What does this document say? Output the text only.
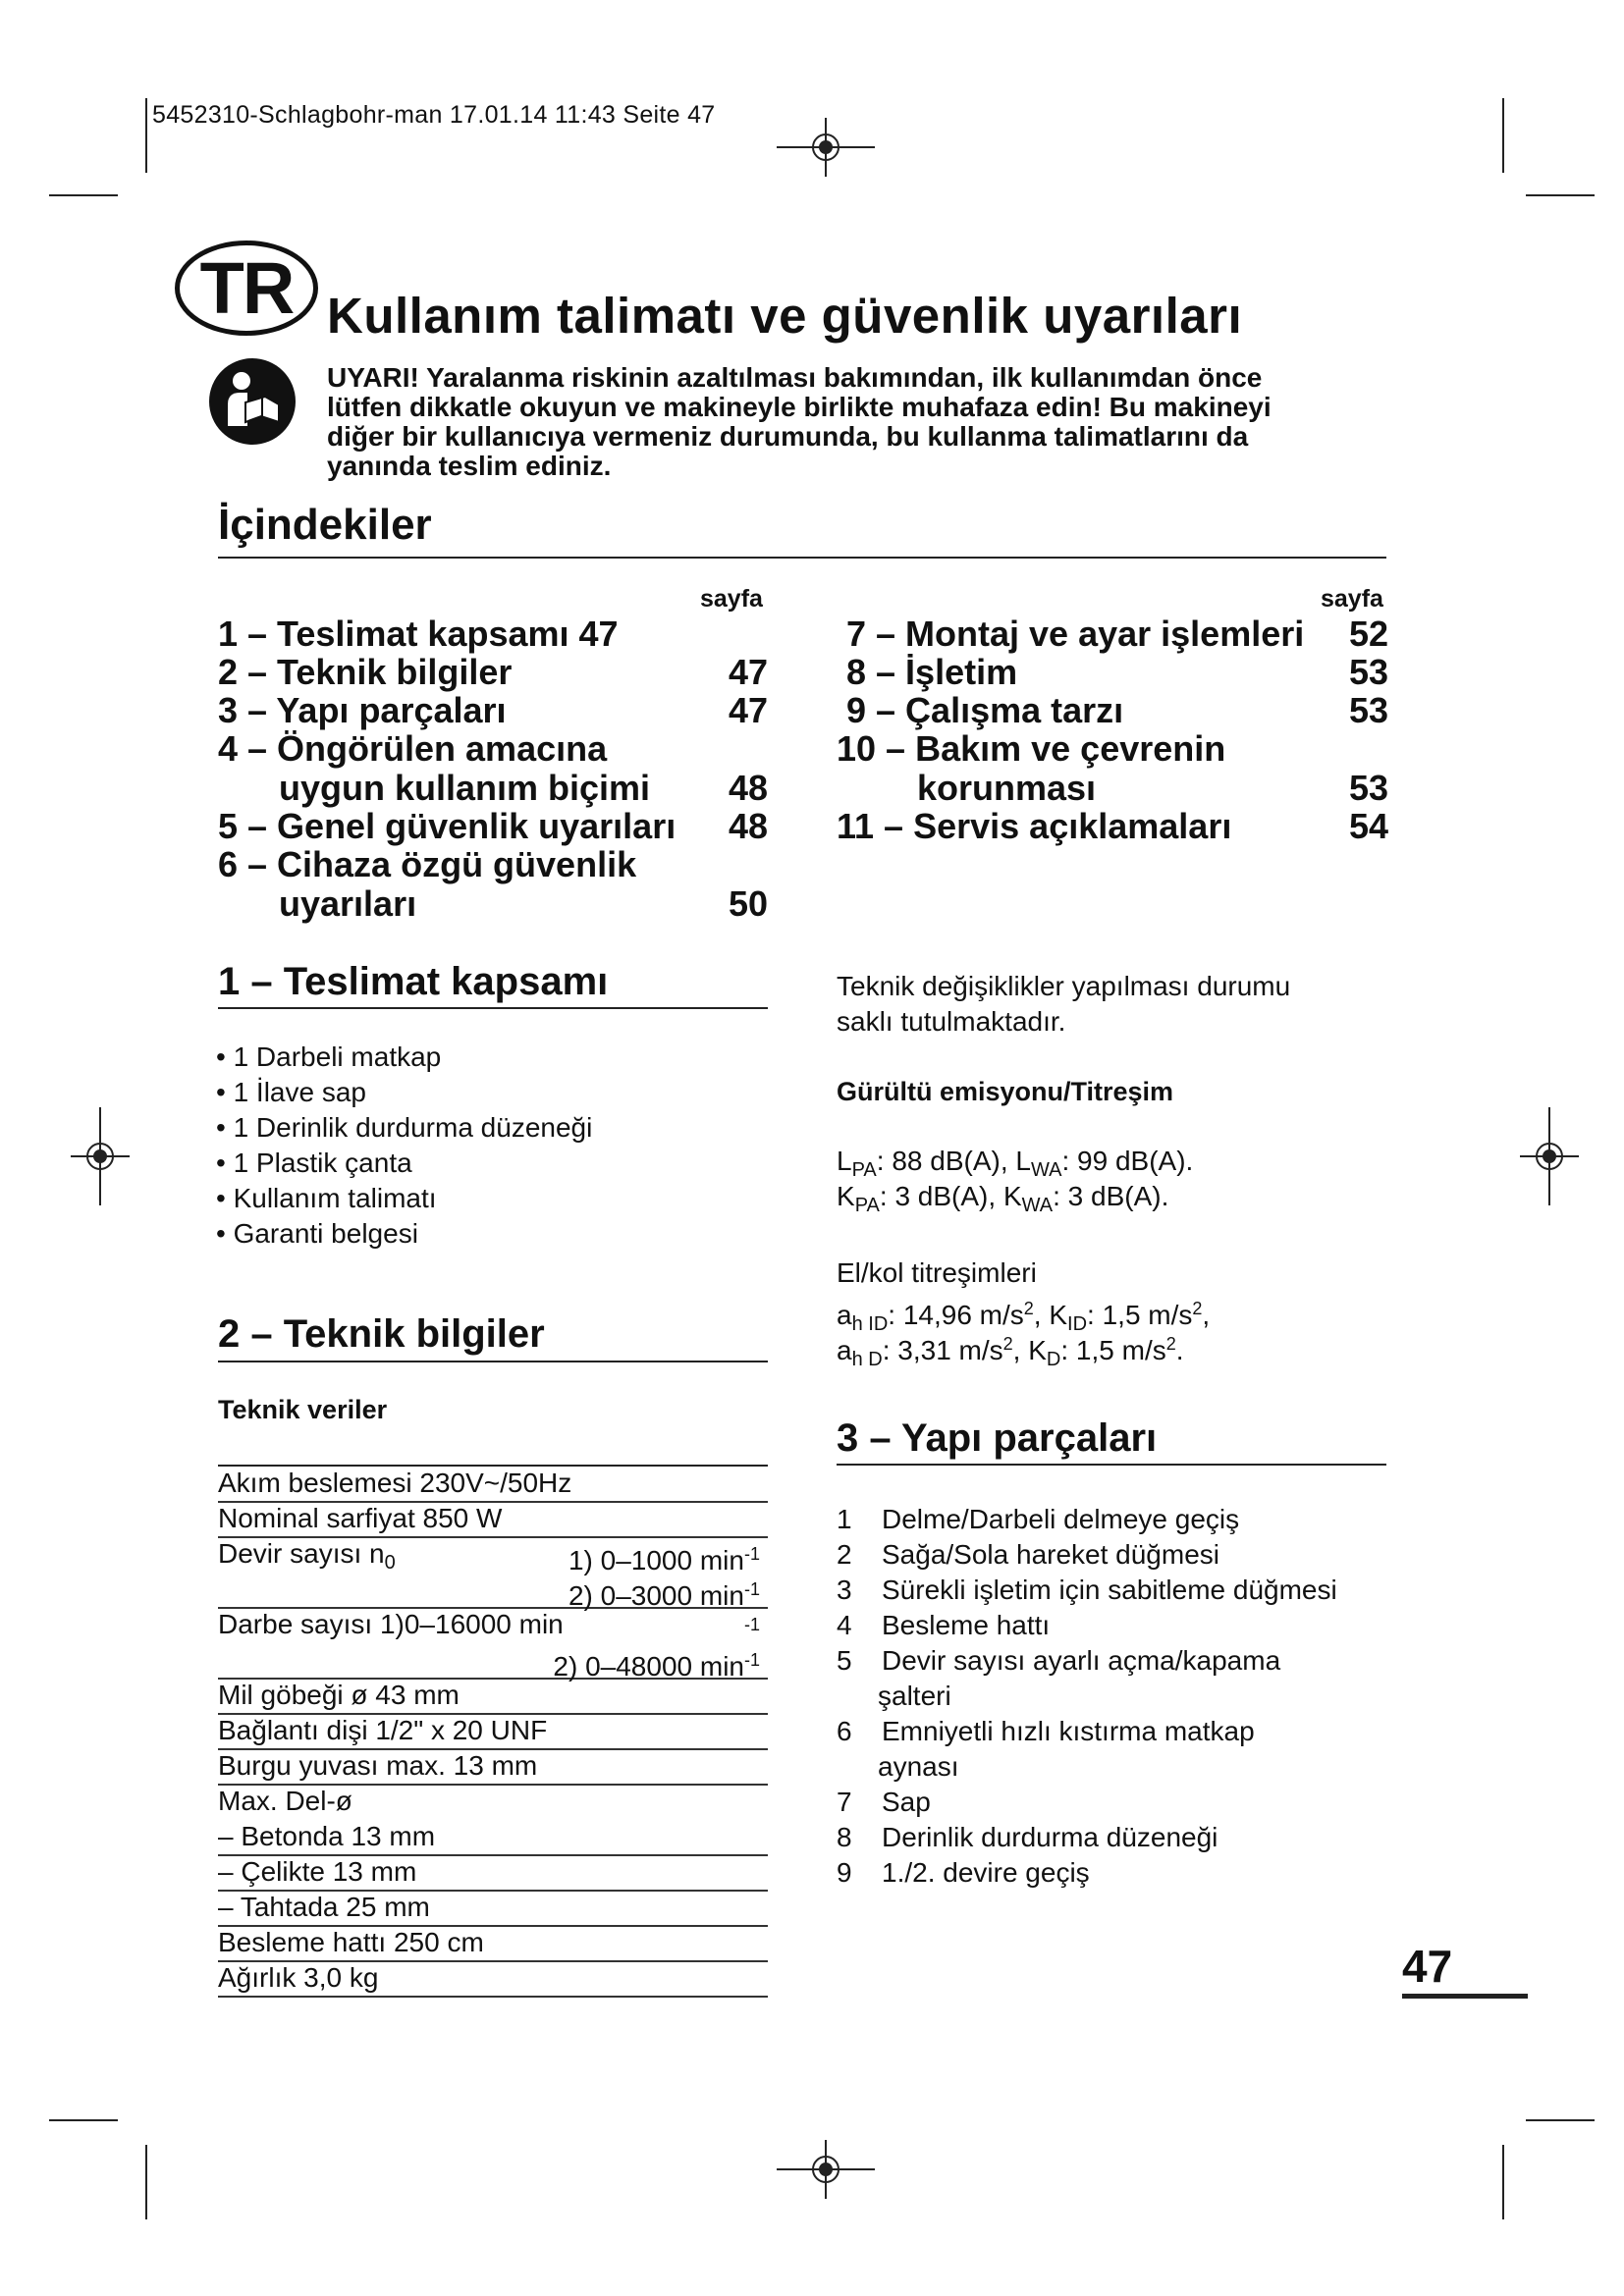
5452310-Schlagbohr-man 17.01.14 11:43 Seite 47
TR Kullanım talimatı ve güvenlik uyarıları
UYARI! Yaralanma riskinin azaltılması bakımından, ilk kullanımdan önce lütfen dikkatle okuyun ve makineyle birlikte muhafaza edin! Bu makineyi diğer bir kullanıcıya vermeniz durumunda, bu kullanma talimatlarını da yanında teslim ediniz.
İçindekiler
sayfa	sayfa
1 – Teslimat kapsamı 47
2 – Teknik bilgiler	47
3 – Yapı parçaları	47
4 – Öngörülen amacına
uygun kullanım biçimi	48
5 – Genel güvenlik uyarıları	48
6 – Cihaza özgü güvenlik
uyarıları	50
7 – Montaj ve ayar işlemleri	52
8 – İşletim	53
9 – Çalışma tarzı	53
10 – Bakım ve çevrenin
korunması	53
11 – Servis açıklamaları	54
1 – Teslimat kapsamı
• 1 Darbeli matkap
• 1 İlave sap
• 1 Derinlik durdurma düzeneği
• 1 Plastik çanta
• Kullanım talimatı
• Garanti belgesi
2 – Teknik bilgiler
Teknik veriler
Akım beslemesi 230V~/50Hz
Nominal sarfiyat 850 W
Devir sayısı $n_0$	1) 0–1000 $\min^{-1}$
2) 0–3000 $\min^{-1}$
Darbe sayısı 1)0–16000 min	-1
2) 0–48000 $\min^{-1}$
Mil göbeği ø 43 mm
Bağlantı dişi 1/2" x 20 UNF
Burgu yuvası max. 13 mm
Max. Del-ø
– Betonda 13 mm
– Çelikte 13 mm
– Tahtada 25 mm
Besleme hattı 250 cm
Ağırlık 3,0 kg
Teknik değişiklikler yapılması durumu
saklı tutulmaktadır.
Gürültü emisyonu/Titreşim
$L_{PA}$: 88 dB(A), $L_{WA}$: 99 dB(A).
$K_{PA}$: 3 dB(A), $K_{WA}$: 3 dB(A).
El/kol titreşimleri
$a_{h ID}$: 14,96 $m/s^2$, $K_{ID}$: 1,5 $m/s^2$,
$a_{h D}$: 3,31 $m/s^2$, $K_D$: 1,5 $m/s^2$.
3 – Yapı parçaları
1 Delme/Darbeli delmeye geçiş
2 Sağa/Sola hareket düğmesi
3 Sürekli işletim için sabitleme düğmesi
4 Besleme hattı
5 Devir sayısı ayarlı açma/kapama
şalteri
6 Emniyetli hızlı kıstırma matkap
aynası
7 Sap
8 Derinlik durdurma düzeneği
9 1./2. devire geçiş
47
